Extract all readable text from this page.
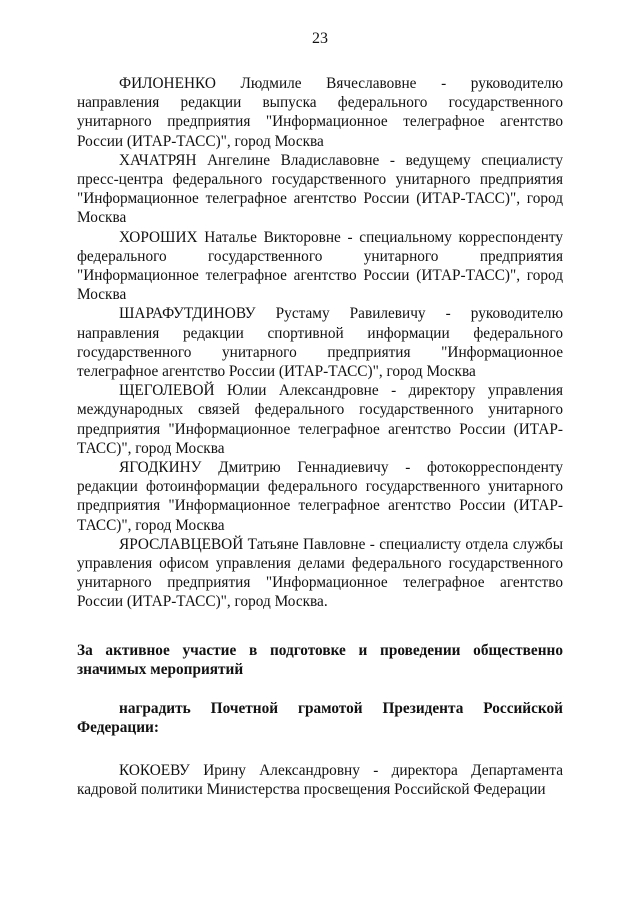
23

ФИЛОНЕНКО Людмиле Вячеславовне - руководителю направления редакции выпуска федерального государственного унитарного предприятия "Информационное телеграфное агентство России (ИТАР-ТАСС)", город Москва

ХАЧАТРЯН Ангелине Владиславовне - ведущему специалисту пресс-центра федерального государственного унитарного предприятия "Информационное телеграфное агентство России (ИТАР-ТАСС)", город Москва

ХОРОШИХ Наталье Викторовне - специальному корреспонденту федерального государственного унитарного предприятия "Информационное телеграфное агентство России (ИТАР-ТАСС)", город Москва

ШАРАФУТДИНОВУ Рустаму Равилевичу - руководителю направления редакции спортивной информации федерального государственного унитарного предприятия "Информационное телеграфное агентство России (ИТАР-ТАСС)", город Москва

ЩЕГОЛЕВОЙ Юлии Александровне - директору управления международных связей федерального государственного унитарного предприятия "Информационное телеграфное агентство России (ИТАР-ТАСС)", город Москва

ЯГОДКИНУ Дмитрию Геннадиевичу - фотокорреспонденту редакции фотоинформации федерального государственного унитарного предприятия "Информационное телеграфное агентство России (ИТАР-ТАСС)", город Москва

ЯРОСЛАВЦЕВОЙ Татьяне Павловне - специалисту отдела службы управления офисом управления делами федерального государственного унитарного предприятия "Информационное телеграфное агентство России (ИТАР-ТАСС)", город Москва.

За активное участие в подготовке и проведении общественно значимых мероприятий

наградить Почетной грамотой Президента Российской Федерации:

КОКОЕВУ Ирину Александровну - директора Департамента кадровой политики Министерства просвещения Российской Федерации
